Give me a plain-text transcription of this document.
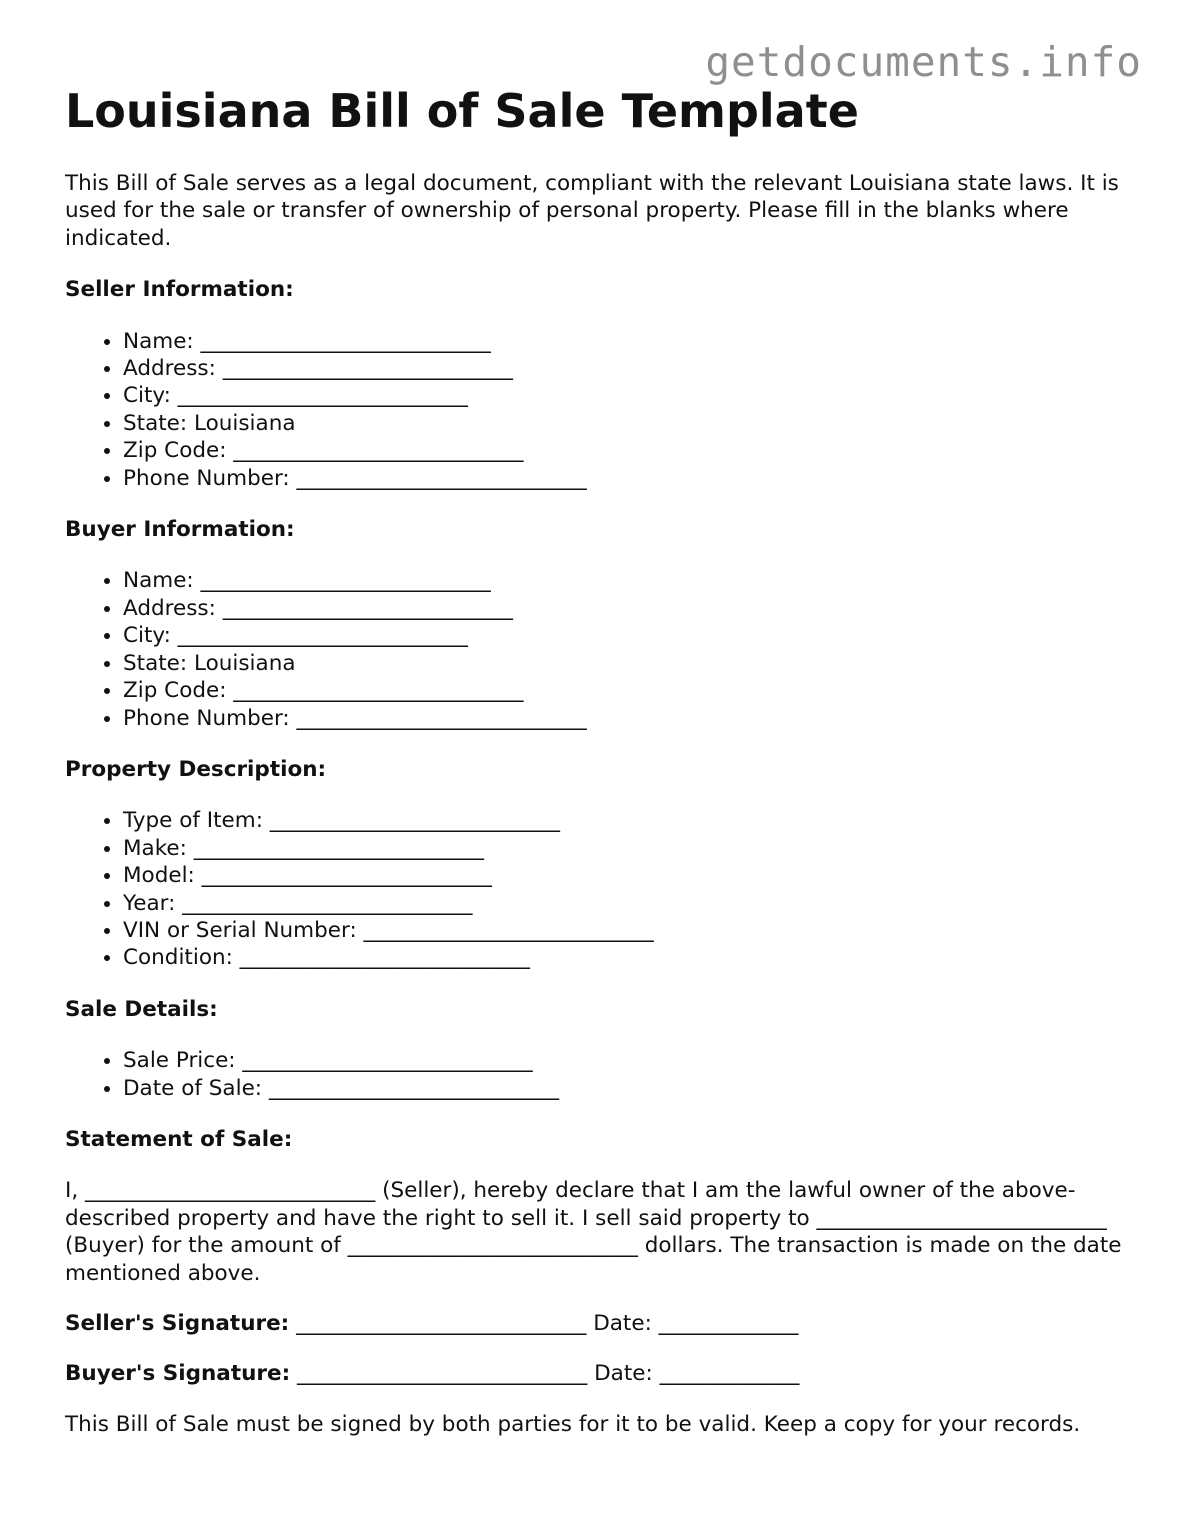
getdocuments.info
Louisiana Bill of Sale Template

This Bill of Sale serves as a legal document, compliant with the relevant Louisiana state laws. It is used for the sale or transfer of ownership of personal property. Please fill in the blanks where indicated.

Seller Information:

• Name: ___________________________
• Address: ___________________________
• City: ___________________________
• State: Louisiana
• Zip Code: ___________________________
• Phone Number: ___________________________

Buyer Information:

• Name: ___________________________
• Address: ___________________________
• City: ___________________________
• State: Louisiana
• Zip Code: ___________________________
• Phone Number: ___________________________

Property Description:

• Type of Item: ___________________________
• Make: ___________________________
• Model: ___________________________
• Year: ___________________________
• VIN or Serial Number: ___________________________
• Condition: ___________________________

Sale Details:

• Sale Price: ___________________________
• Date of Sale: ___________________________

Statement of Sale:

I, ___________________________ (Seller), hereby declare that I am the lawful owner of the above-described property and have the right to sell it. I sell said property to ___________________________ (Buyer) for the amount of ___________________________ dollars. The transaction is made on the date mentioned above.

Seller's Signature: ___________________________ Date: _____________

Buyer's Signature: ___________________________ Date: _____________

This Bill of Sale must be signed by both parties for it to be valid. Keep a copy for your records.
